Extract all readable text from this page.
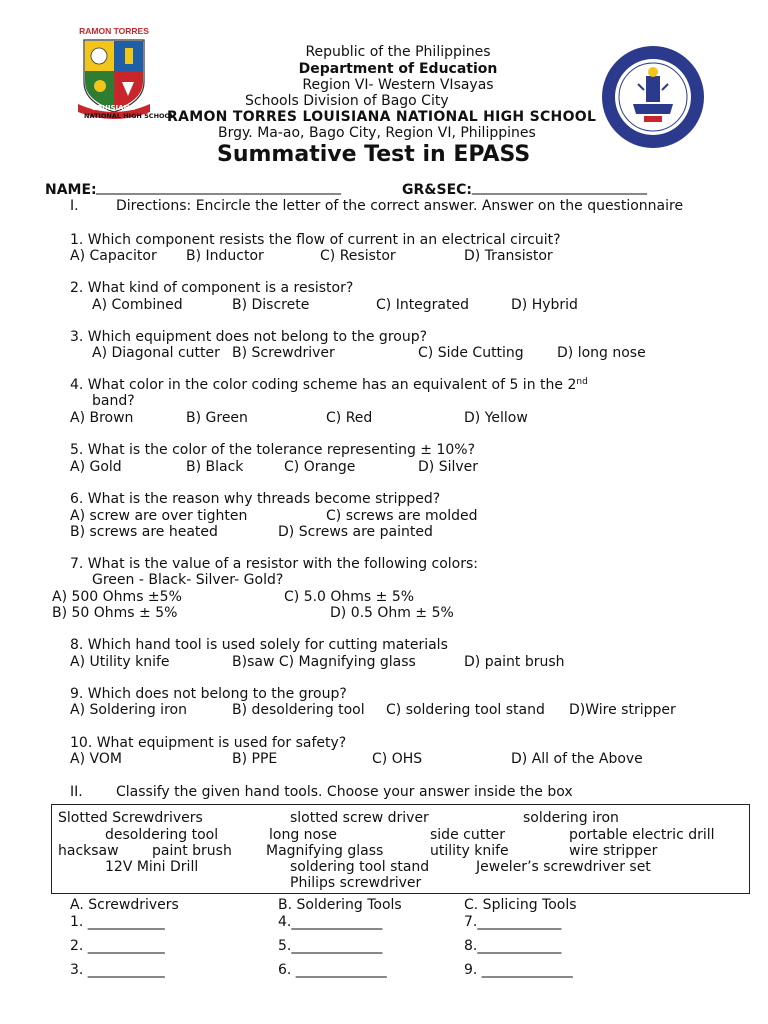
RAMON TORRES
LOUISIANA
NATIONAL HIGH SCHOOL
Republic of the Philippines
Department of Education
Region VI- Western VIsayas
Schools Division of Bago City
RAMON TORRES LOUISIANA NATIONAL HIGH SCHOOL
Brgy. Ma-ao, Bago City, Region VI, Philippines
Summative Test in EPASS
NAME: ___________________________________	GR&SEC: _________________________
I.	Directions: Encircle the letter of the correct answer. Answer on the questionnaire
1. Which component resists the flow of current in an electrical circuit?
A) Capacitor B) Inductor	C) Resistor	D) Transistor
2. What kind of component is a resistor?
A) Combined	B) Discrete	C) Integrated	D) Hybrid
3. Which equipment does not belong to the group?
A) Diagonal cutter B) Screwdriver	C) Side Cutting D) long nose
4. What color in the color coding scheme has an equivalent of 5 in the 2nd
band?
A) Brown	B) Green	C) Red	D) Yellow
5. What is the color of the tolerance representing ± 10%?
A) Gold	B) Black	C) Orange	D) Silver
6. What is the reason why threads become stripped?
A) screw are over tighten	C) screws are molded
B) screws are heated	D) Screws are painted
7. What is the value of a resistor with the following colors:
Green - Black- Silver- Gold?
A) 500 Ohms ±5%	C) 5.0 Ohms ± 5%
B) 50 Ohms ± 5%	D) 0.5 Ohm ± 5%
8. Which hand tool is used solely for cutting materials
A) Utility knife	B)saw C) Magnifying glass	D) paint brush
9. Which does not belong to the group?
A) Soldering iron	B) desoldering tool C) soldering tool stand D)Wire stripper
10. What equipment is used for safety?
A) VOM	B) PPE	C) OHS	D) All of the Above
II. Classify the given hand tools. Choose your answer inside the box
Slotted Screwdrivers	slotted screw driver	soldering iron
desoldering tool	long nose	side cutter	portable electric drill
hacksaw paint brush Magnifying glass	utility knife	wire stripper
12V Mini Drill	soldering tool stand	Jeweler’s screwdriver set
Philips screwdriver
A. Screwdrivers	B. Soldering Tools	C. Splicing Tools
1. ___________
2. ___________
3. ___________
4._____________
5._____________
6. _____________
7.____________
8.____________
9. _____________
